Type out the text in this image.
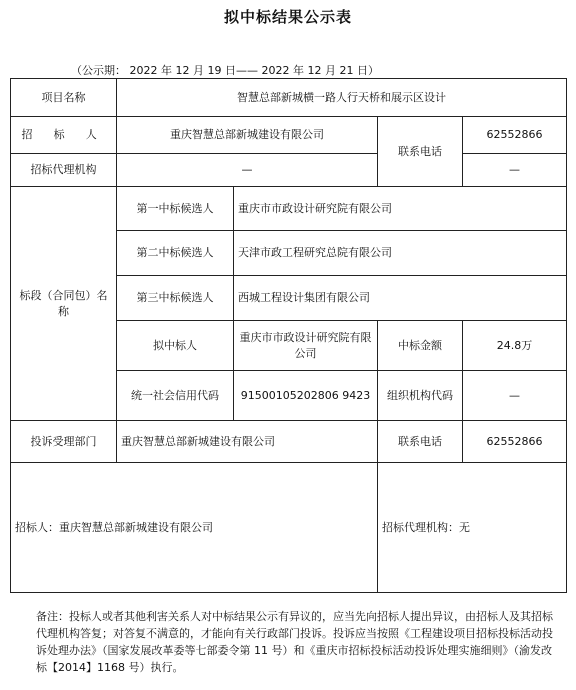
拟中标结果公示表
（公示期： 2022 年 12 月 19 日—— 2022 年 12 月 21 日）
项目名称	智慧总部新城横一路人行天桥和展示区设计			
招 标 人	重庆智慧总部新城建设有限公司		联系电话	62552866
招标代理机构	—			—
标段（合同包）名称	第一中标候选人	重庆市市政设计研究院有限公司		
	第二中标候选人	天津市政工程研究总院有限公司		
	第三中标候选人	西城工程设计集团有限公司		
	拟中标人	重庆市市政设计研究院有限公司	中标金额	24.8万
	统一社会信用代码	91500105202806 9423	组织机构代码	—
投诉受理部门	重庆智慧总部新城建设有限公司		联系电话	62552866
招标人：重庆智慧总部新城建设有限公司			招标代理机构：无	
备注：投标人或者其他利害关系人对中标结果公示有异议的，应当先向招标人提出异议，由招标人及其招标代理机构答复；对答复不满意的，才能向有关行政部门投诉。投诉应当按照《工程建设项目招标投标活动投诉处理办法》（国家发展改革委等七部委令第 11 号）和《重庆市招标投标活动投诉处理实施细则》（渝发改标【2014】1168 号）执行。
